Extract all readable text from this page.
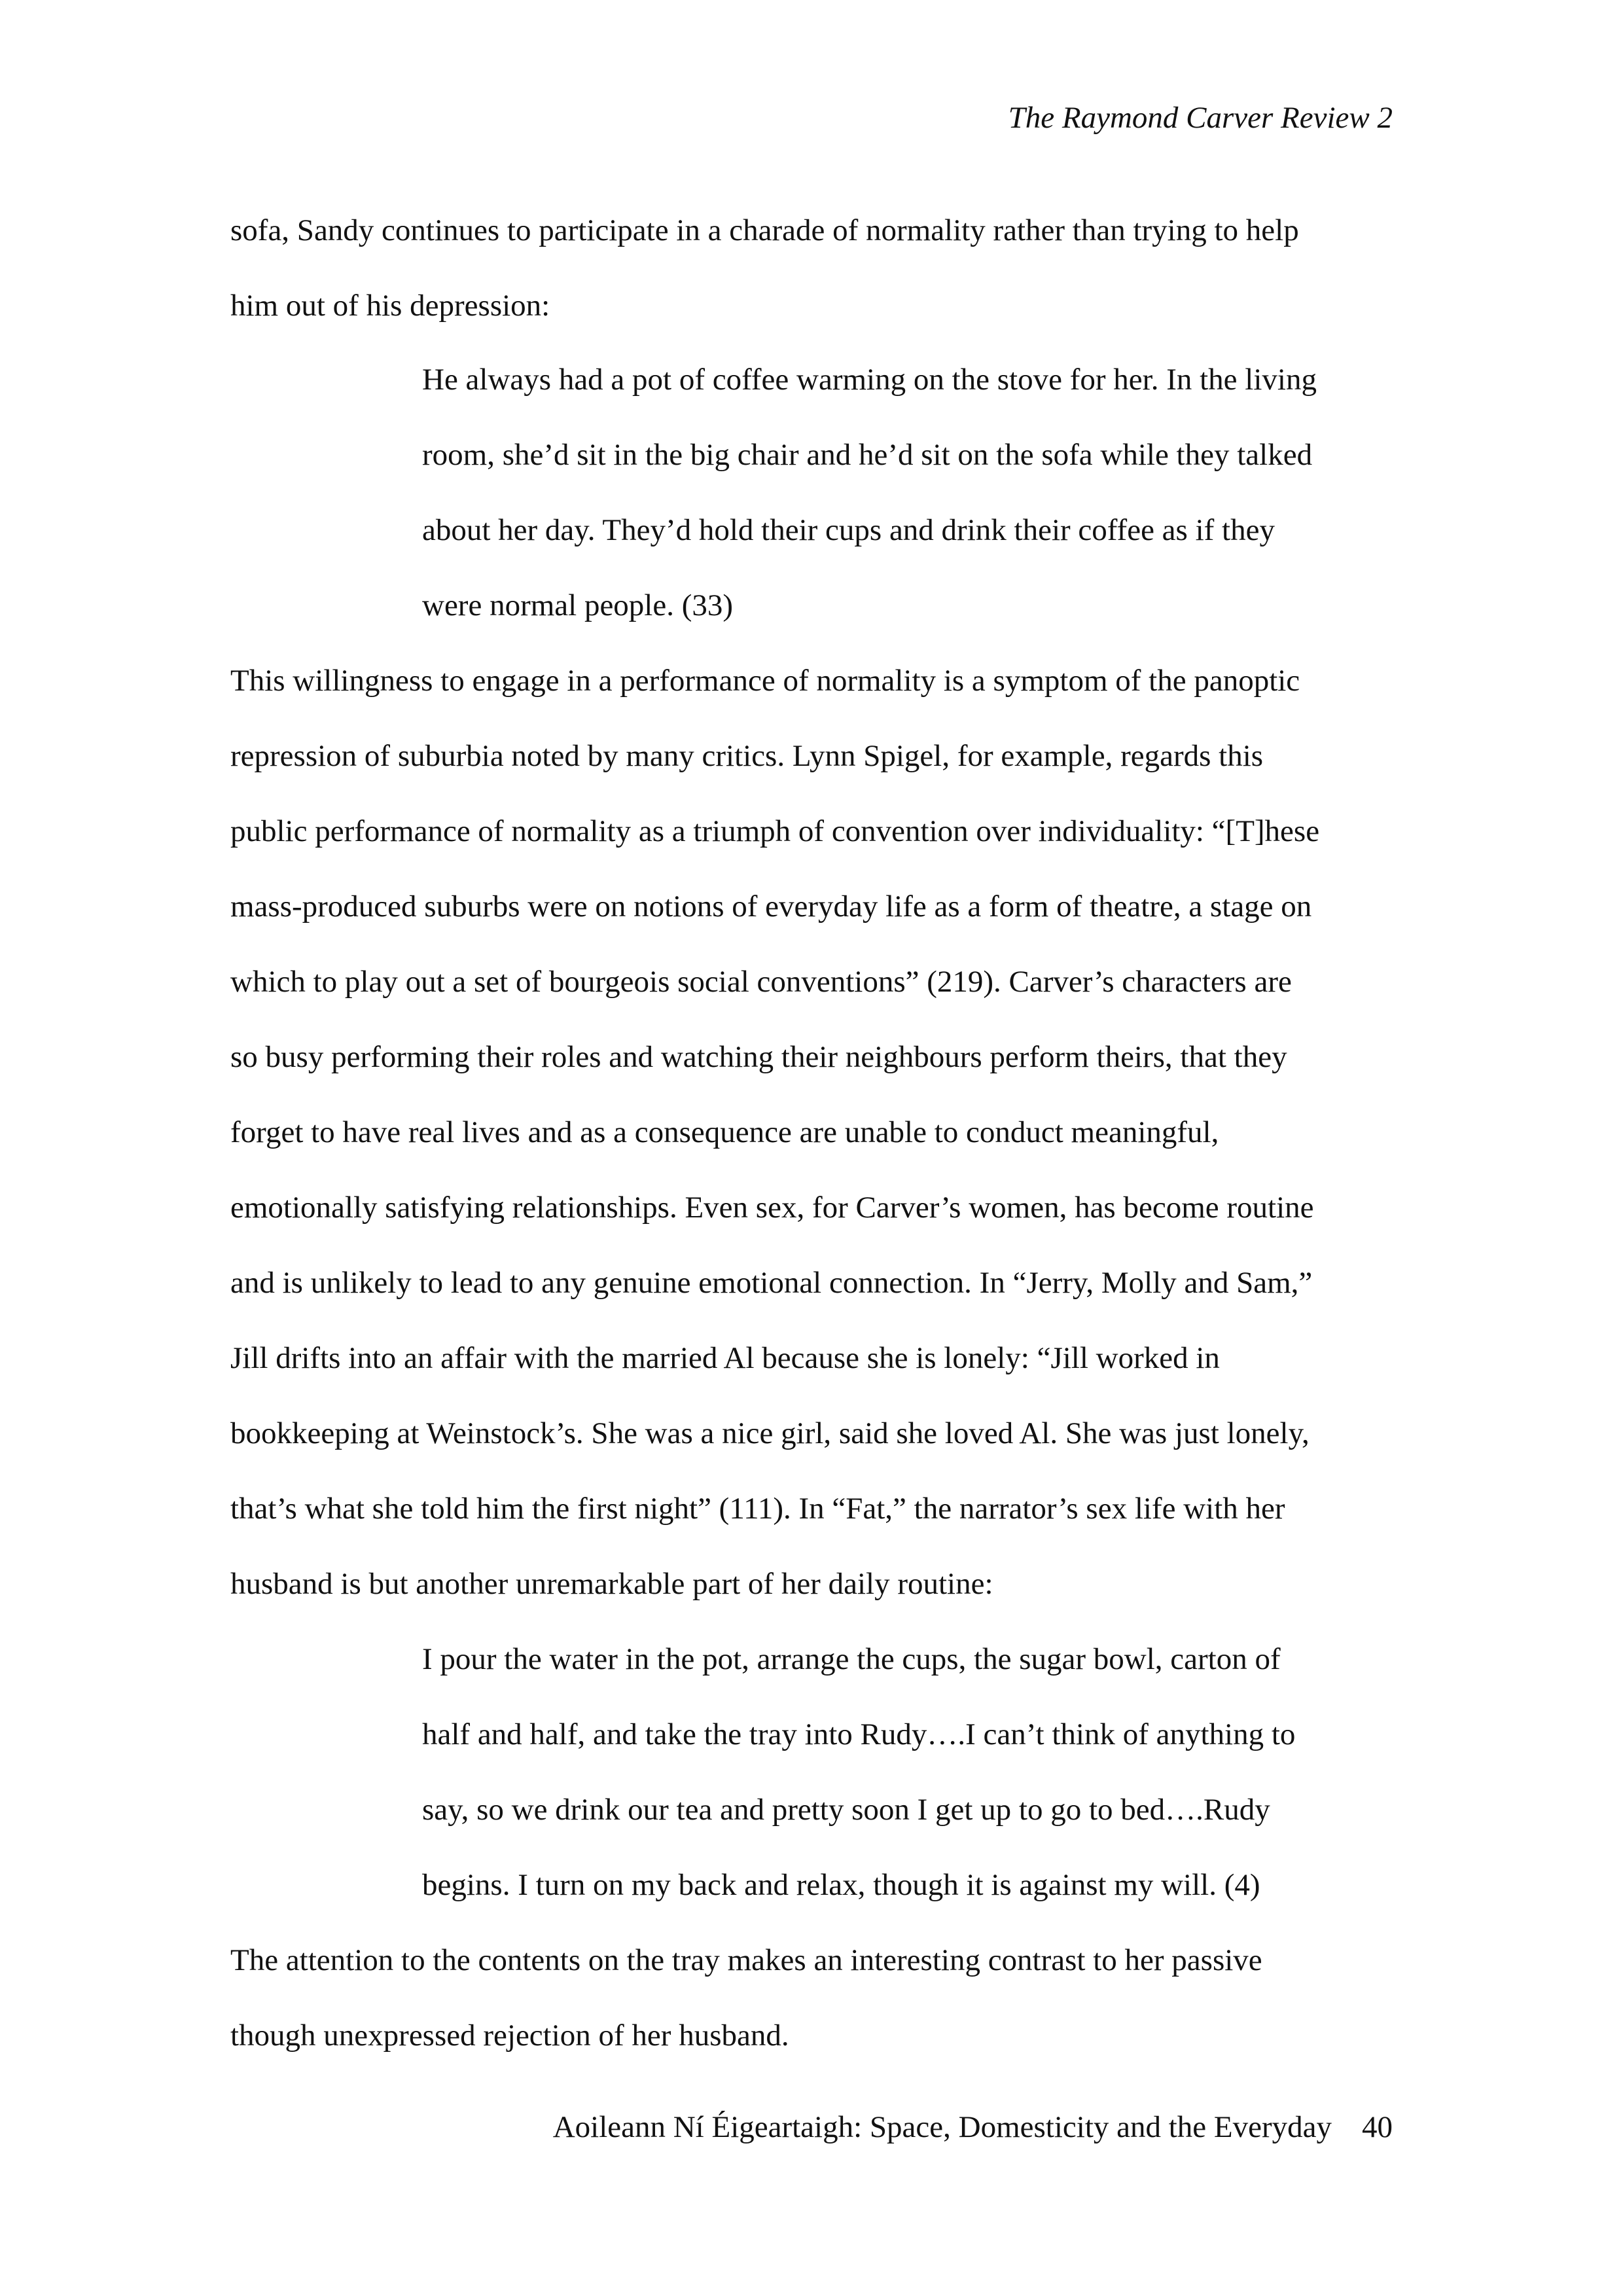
The Raymond Carver Review 2
sofa, Sandy continues to participate in a charade of normality rather than trying to help
him out of his depression:
He always had a pot of coffee warming on the stove for her. In the living
room, she’d sit in the big chair and he’d sit on the sofa while they talked
about her day. They’d hold their cups and drink their coffee as if they
were normal people. (33)
This willingness to engage in a performance of normality is a symptom of the panoptic
repression of suburbia noted by many critics. Lynn Spigel, for example, regards this
public performance of normality as a triumph of convention over individuality: “[T]hese
mass-produced suburbs were on notions of everyday life as a form of theatre, a stage on
which to play out a set of bourgeois social conventions” (219). Carver’s characters are
so busy performing their roles and watching their neighbours perform theirs, that they
forget to have real lives and as a consequence are unable to conduct meaningful,
emotionally satisfying relationships. Even sex, for Carver’s women, has become routine
and is unlikely to lead to any genuine emotional connection. In “Jerry, Molly and Sam,”
Jill drifts into an affair with the married Al because she is lonely: “Jill worked in
bookkeeping at Weinstock’s. She was a nice girl, said she loved Al. She was just lonely,
that’s what she told him the first night” (111). In “Fat,” the narrator’s sex life with her
husband is but another unremarkable part of her daily routine:
I pour the water in the pot, arrange the cups, the sugar bowl, carton of
half and half, and take the tray into Rudy….I can’t think of anything to
say, so we drink our tea and pretty soon I get up to go to bed….Rudy
begins. I turn on my back and relax, though it is against my will. (4)
The attention to the contents on the tray makes an interesting contrast to her passive
though unexpressed rejection of her husband.
Aoileann Ní Éigeartaigh: Space, Domesticity and the Everyday 40
